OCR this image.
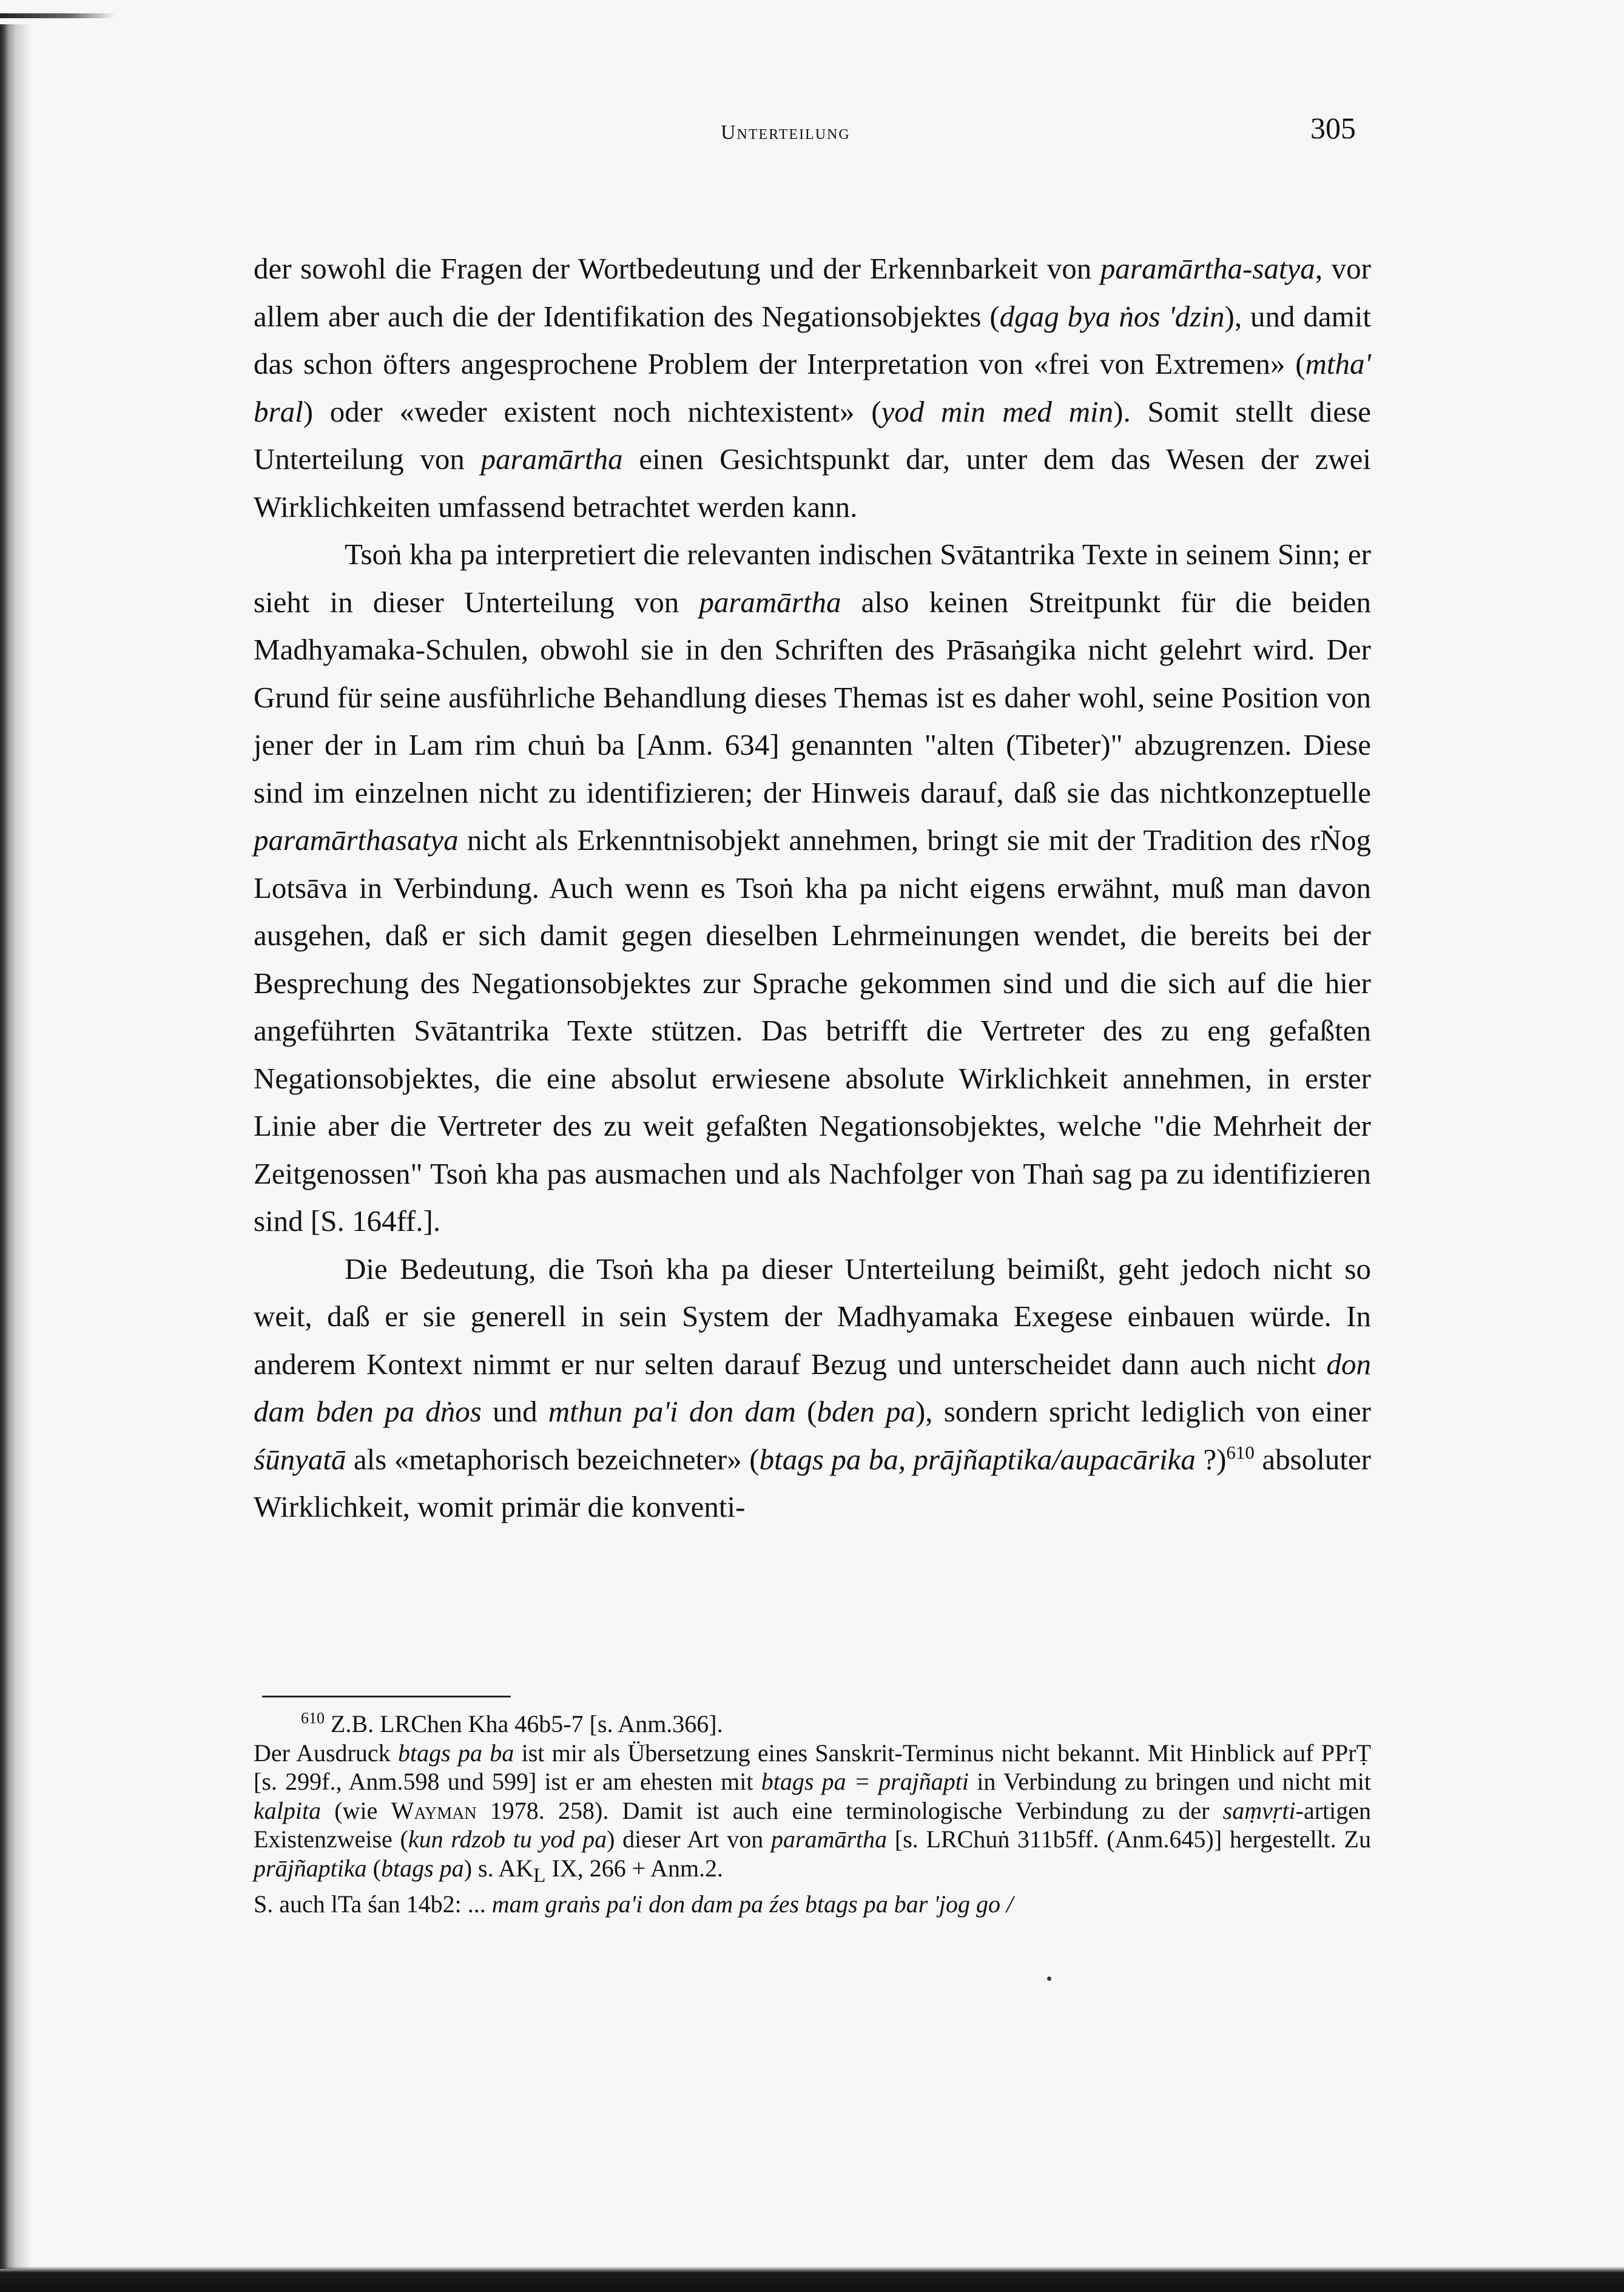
Unterteilung	305

der sowohl die Fragen der Wortbedeutung und der Erkennbarkeit von paramārtha-satya, vor allem aber auch die der Identifikation des Negationsobjektes (dgag bya ṅos 'dzin), und damit das schon öfters angesprochene Problem der Interpretation von «frei von Extremen» (mtha' bral) oder «weder existent noch nichtexistent» (yod min med min). Somit stellt diese Unterteilung von paramārtha einen Gesichtspunkt dar, unter dem das Wesen der zwei Wirklichkeiten umfassend betrachtet werden kann.

Tsoṅ kha pa interpretiert die relevanten indischen Svātantrika Texte in seinem Sinn; er sieht in dieser Unterteilung von paramārtha also keinen Streitpunkt für die beiden Madhyamaka-Schulen, obwohl sie in den Schriften des Prāsaṅgika nicht gelehrt wird. Der Grund für seine ausführliche Behandlung dieses Themas ist es daher wohl, seine Position von jener der in Lam rim chuṅ ba [Anm. 634] genannten "alten (Tibeter)" abzugrenzen. Diese sind im einzelnen nicht zu identifizieren; der Hinweis darauf, daß sie das nichtkonzeptuelle paramārthasatya nicht als Erkenntnisobjekt annehmen, bringt sie mit der Tradition des rṄog Lotsāva in Verbindung. Auch wenn es Tsoṅ kha pa nicht eigens erwähnt, muß man davon ausgehen, daß er sich damit gegen dieselben Lehrmeinungen wendet, die bereits bei der Besprechung des Negationsobjektes zur Sprache gekommen sind und die sich auf die hier angeführten Svātantrika Texte stützen. Das betrifft die Vertreter des zu eng gefaßten Negationsobjektes, die eine absolut erwiesene absolute Wirklichkeit annehmen, in erster Linie aber die Vertreter des zu weit gefaßten Negationsobjektes, welche "die Mehrheit der Zeitgenossen" Tsoṅ kha pas ausmachen und als Nachfolger von Thaṅ sag pa zu identifizieren sind [S. 164ff.].

Die Bedeutung, die Tsoṅ kha pa dieser Unterteilung beimißt, geht jedoch nicht so weit, daß er sie generell in sein System der Madhyamaka Exegese einbauen würde. In anderem Kontext nimmt er nur selten darauf Bezug und unterscheidet dann auch nicht don dam bden pa dṅos und mthun pa'i don dam (bden pa), sondern spricht lediglich von einer śūnyatā als «metaphorisch bezeichneter» (btags pa ba, prājñaptika/aupacārika ?)$^{610}$ absoluter Wirklichkeit, womit primär die konventi-

$^{610}$ Z.B. LRChen Kha 46b5-7 [s. Anm.366].

Der Ausdruck btags pa ba ist mir als Übersetzung eines Sanskrit-Terminus nicht bekannt. Mit Hinblick auf PPrṬ [s. 299f., Anm.598 und 599] ist er am ehesten mit btags pa = prajñapti in Verbindung zu bringen und nicht mit kalpita (wie Wayman 1978. 258). Damit ist auch eine terminologische Verbindung zu der saṃvṛti-artigen Existenzweise (kun rdzob tu yod pa) dieser Art von paramārtha [s. LRChuṅ 311b5ff. (Anm.645)] hergestellt. Zu prājñaptika (btags pa) s. $AK_L$ IX, 266 + Anm.2.

S. auch lTa śan 14b2: ... mam graṅs pa'i don dam pa źes btags pa bar 'jog go /
